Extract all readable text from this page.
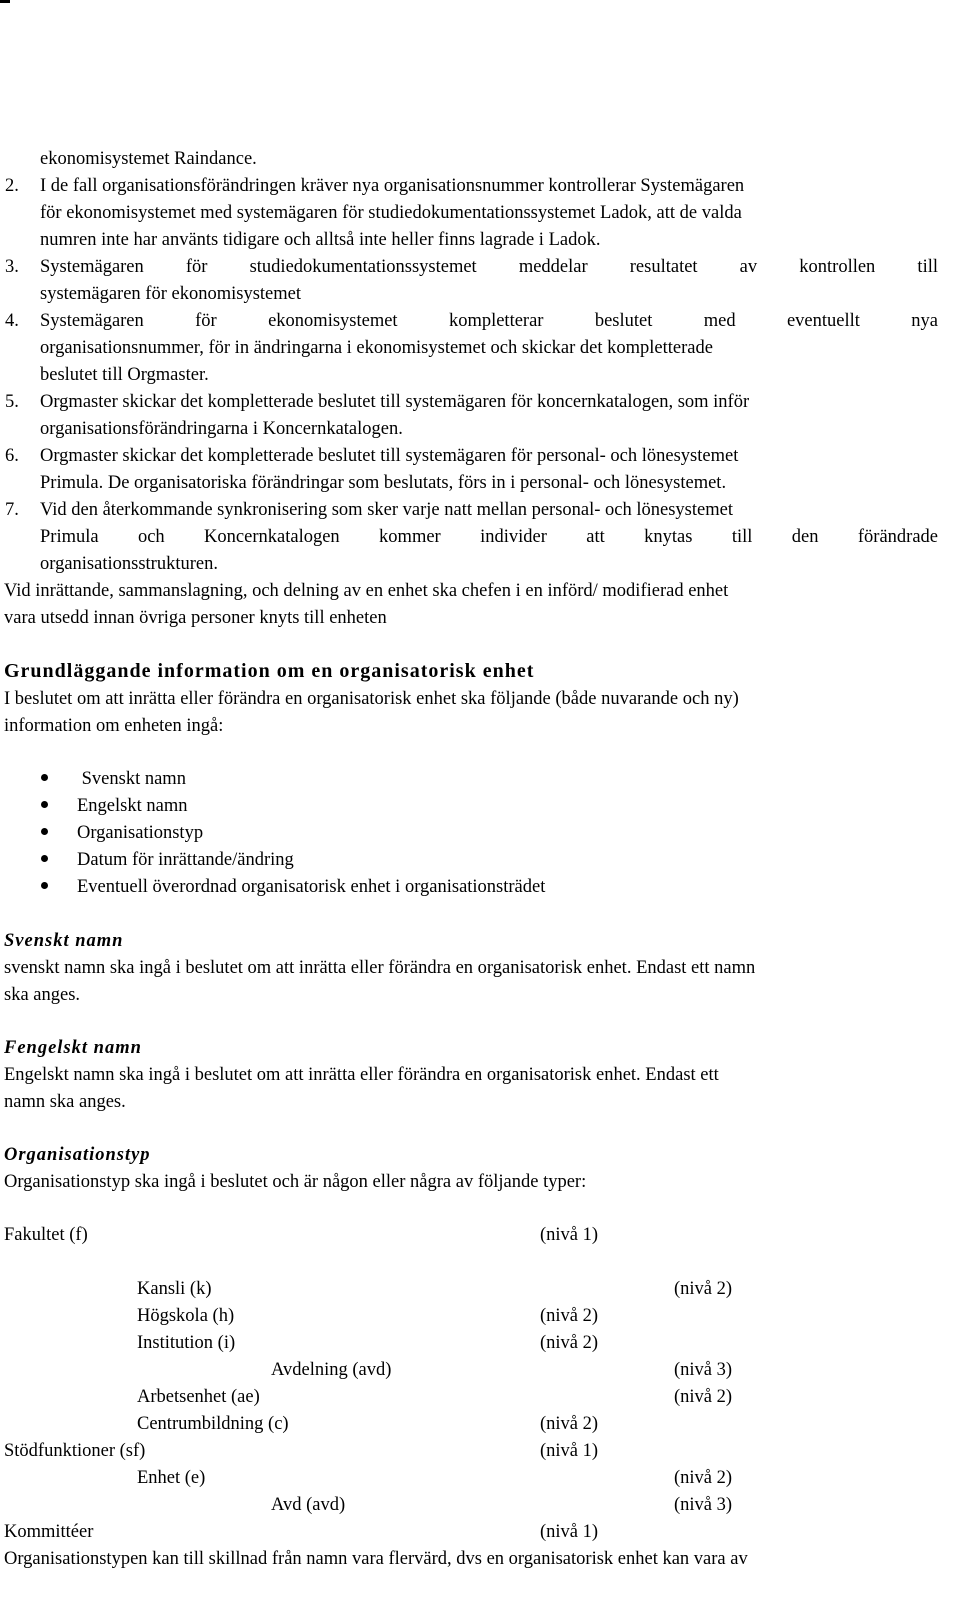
ekonomisystemet Raindance.
2. I de fall organisationsförändringen kräver nya organisationsnummer kontrollerar Systemägaren
för ekonomisystemet med systemägaren för studiedokumentationssystemet Ladok, att de valda
numren inte har använts tidigare och alltså inte heller finns lagrade i Ladok.
3. Systemägaren för studiedokumentationssystemet meddelar resultatet av kontrollen till
systemägaren för ekonomisystemet
4. Systemägaren för ekonomisystemet kompletterar beslutet med eventuellt nya
organisationsnummer, för in ändringarna i ekonomisystemet och skickar det kompletterade
beslutet till Orgmaster.
5. Orgmaster skickar det kompletterade beslutet till systemägaren för koncernkatalogen, som inför
organisationsförändringarna i Koncernkatalogen.
6. Orgmaster skickar det kompletterade beslutet till systemägaren för personal- och lönesystemet
Primula. De organisatoriska förändringar som beslutats, förs in i personal- och lönesystemet.
7. Vid den återkommande synkronisering som sker varje natt mellan personal- och lönesystemet
Primula och Koncernkatalogen kommer individer att knytas till den förändrade
organisationsstrukturen.
Vid inrättande, sammanslagning, och delning av en enhet ska chefen i en införd/ modifierad enhet
vara utsedd innan övriga personer knyts till enheten
Grundläggande information om en organisatorisk enhet
I beslutet om att inrätta eller förändra en organisatorisk enhet ska följande (både nuvarande och ny)
information om enheten ingå:
Svenskt namn
Engelskt namn
Organisationstyp
Datum för inrättande/ändring
Eventuell överordnad organisatorisk enhet i organisationsträdet
Svenskt namn
svenskt namn ska ingå i beslutet om att inrätta eller förändra en organisatorisk enhet. Endast ett namn
ska anges.
Fengelskt namn
Engelskt namn ska ingå i beslutet om att inrätta eller förändra en organisatorisk enhet. Endast ett
namn ska anges.
Organisationstyp
Organisationstyp ska ingå i beslutet och är någon eller några av följande typer:
Fakultet (f)	(nivå 1)
Kansli (k)	(nivå 2)
Högskola (h)	(nivå 2)
Institution (i)	(nivå 2)
Avdelning (avd)	(nivå 3)
Arbetsenhet (ae)	(nivå 2)
Centrumbildning (c)	(nivå 2)
Stödfunktioner (sf)	(nivå 1)
Enhet (e)	(nivå 2)
Avd (avd)	(nivå 3)
Kommittéer	(nivå 1)
Organisationstypen kan till skillnad från namn vara flervärd, dvs en organisatorisk enhet kan vara av
